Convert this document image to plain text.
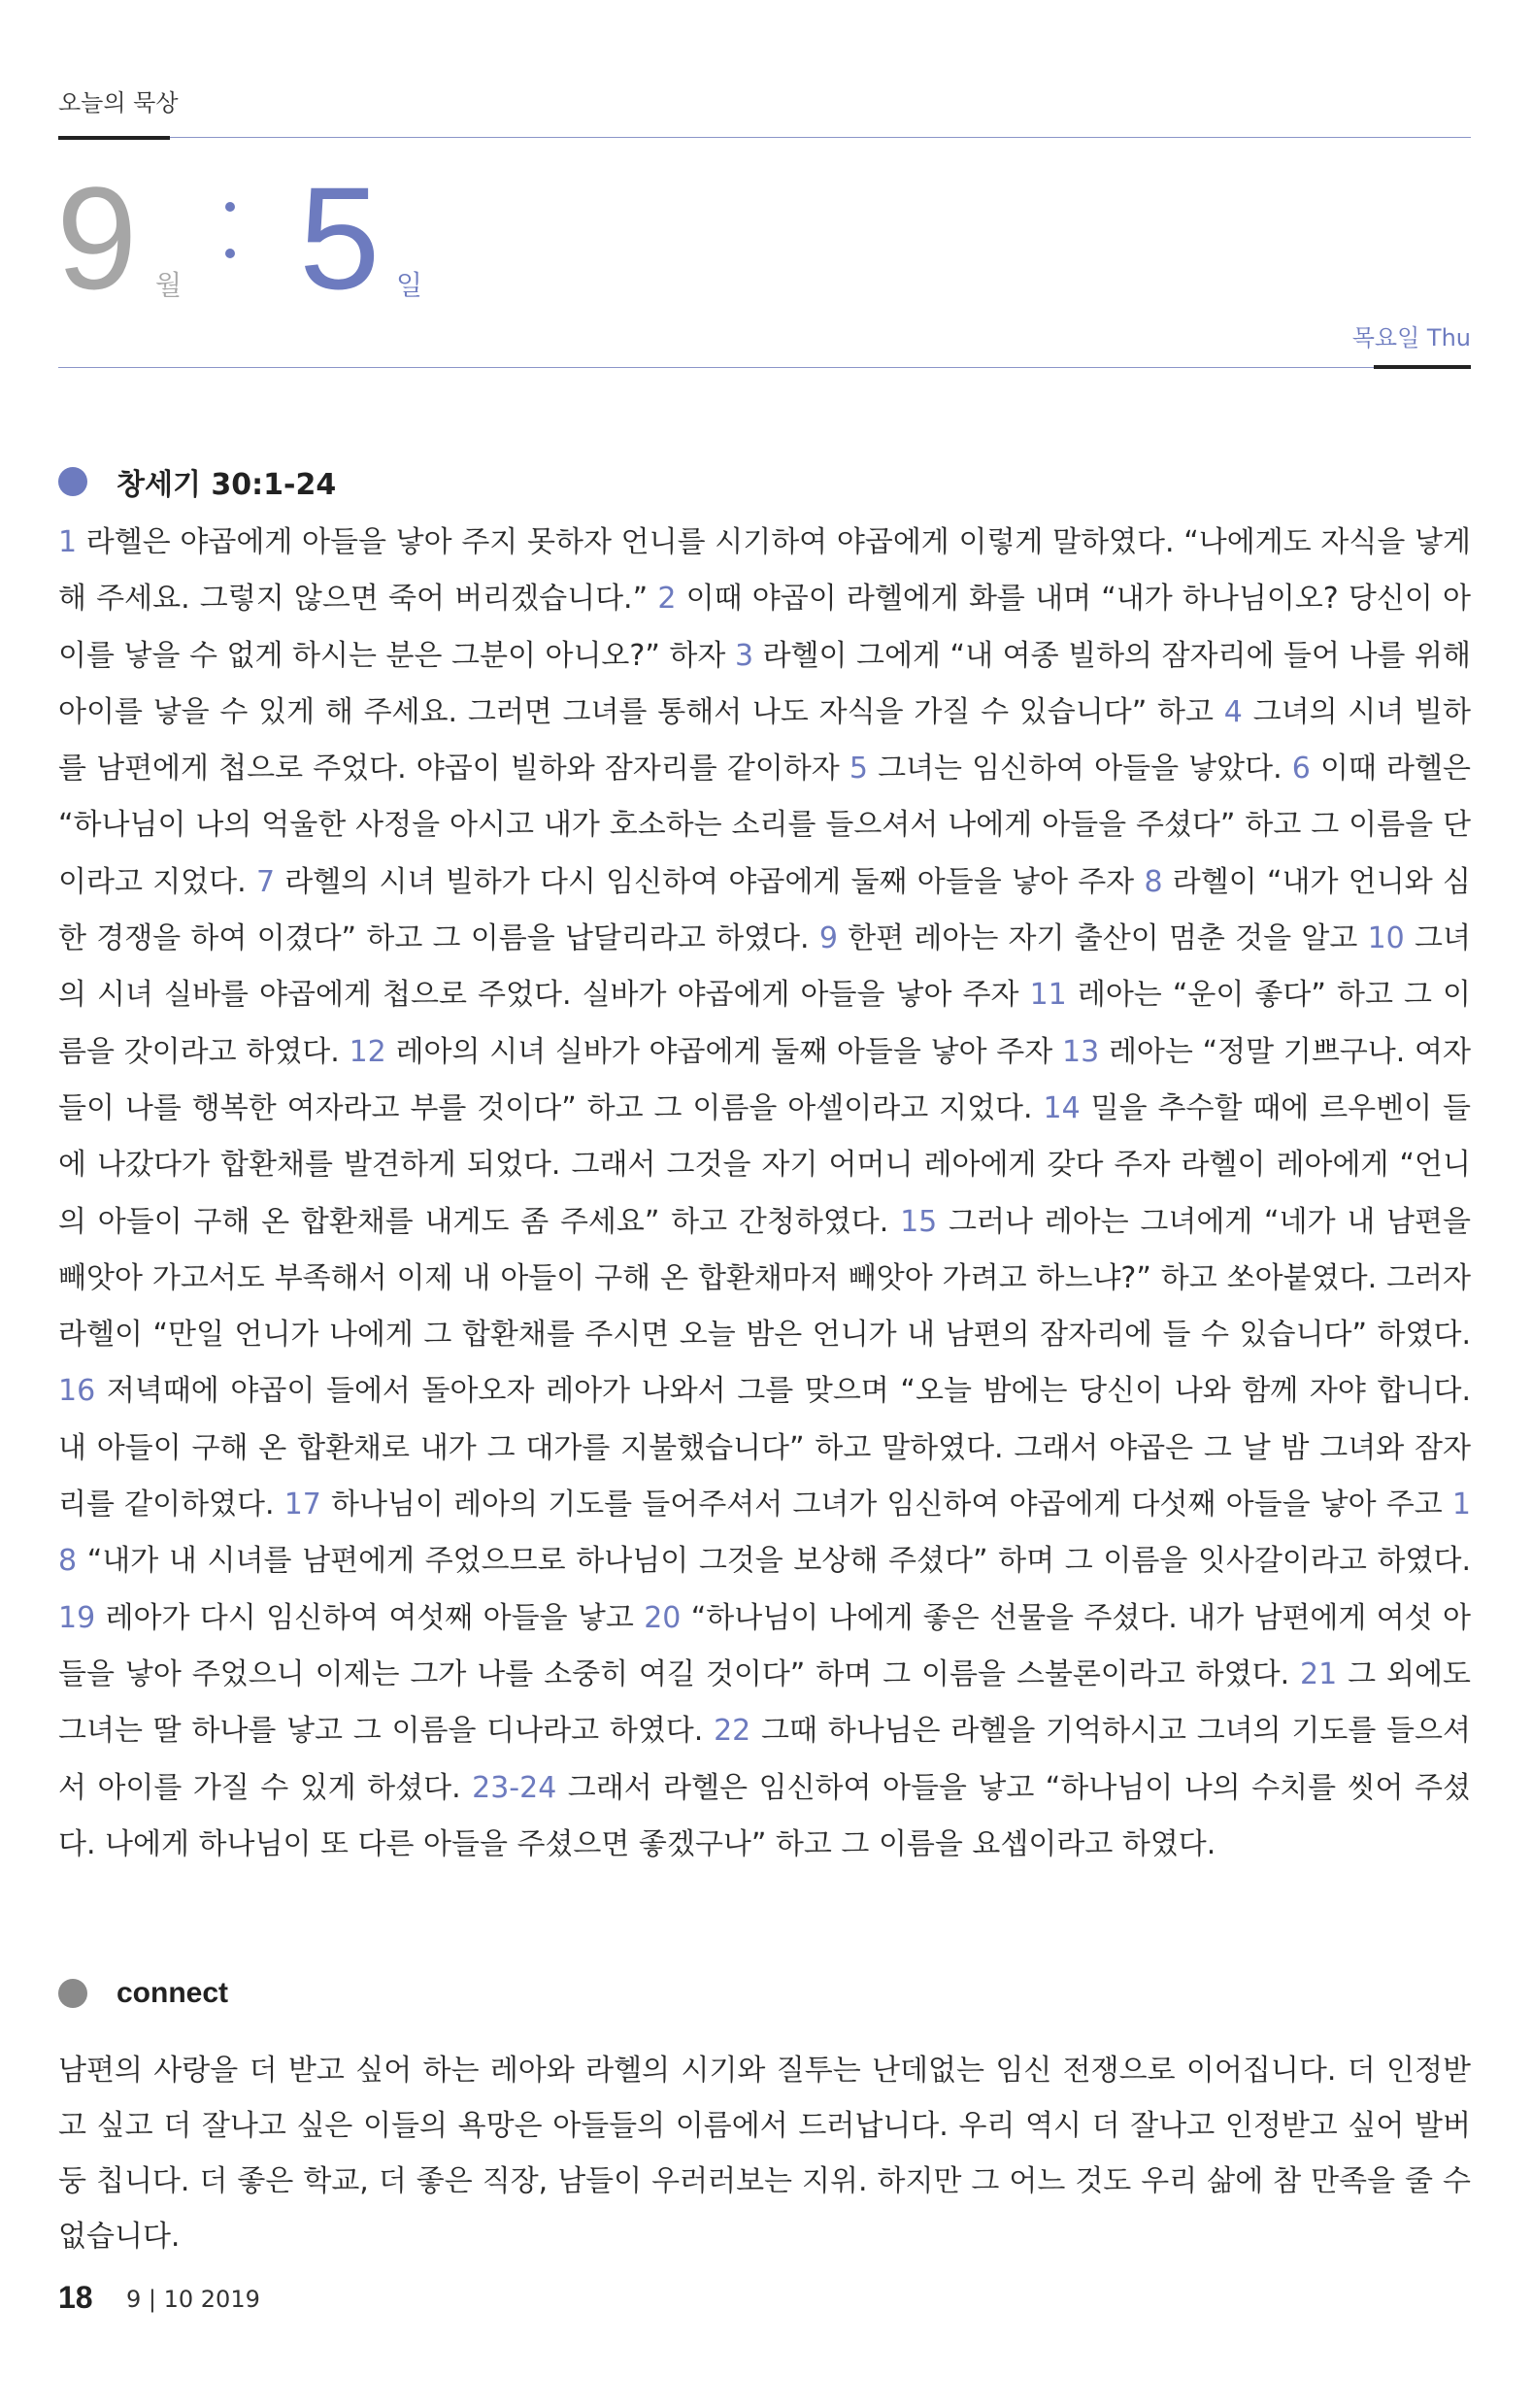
오늘의 묵상
9 월 5 일
목요일 Thu
창세기 30:1-24
1 라헬은 야곱에게 아들을 낳아 주지 못하자 언니를 시기하여 야곱에게 이렇게 말하였다. “나에게도 자식을 낳게 해 주세요. 그렇지 않으면 죽어 버리겠습니다.” 2 이때 야곱이 라헬에게 화를 내며 “내가 하나님이오? 당신이 아이를 낳을 수 없게 하시는 분은 그분이 아니오?” 하자 3 라헬이 그에게 “내 여종 빌하의 잠자리에 들어 나를 위해 아이를 낳을 수 있게 해 주세요. 그러면 그녀를 통해서 나도 자식을 가질 수 있습니다” 하고 4 그녀의 시녀 빌하를 남편에게 첩으로 주었다. 야곱이 빌하와 잠자리를 같이하자 5 그녀는 임신하여 아들을 낳았다. 6 이때 라헬은 “하나님이 나의 억울한 사정을 아시고 내가 호소하는 소리를 들으셔서 나에게 아들을 주셨다” 하고 그 이름을 단이라고 지었다. 7 라헬의 시녀 빌하가 다시 임신하여 야곱에게 둘째 아들을 낳아 주자 8 라헬이 “내가 언니와 심한 경쟁을 하여 이겼다” 하고 그 이름을 납달리라고 하였다. 9 한편 레아는 자기 출산이 멈춘 것을 알고 10 그녀의 시녀 실바를 야곱에게 첩으로 주었다. 실바가 야곱에게 아들을 낳아 주자 11 레아는 “운이 좋다” 하고 그 이름을 갓이라고 하였다. 12 레아의 시녀 실바가 야곱에게 둘째 아들을 낳아 주자 13 레아는 “정말 기쁘구나. 여자들이 나를 행복한 여자라고 부를 것이다” 하고 그 이름을 아셀이라고 지었다. 14 밀을 추수할 때에 르우벤이 들에 나갔다가 합환채를 발견하게 되었다. 그래서 그것을 자기 어머니 레아에게 갖다 주자 라헬이 레아에게 “언니의 아들이 구해 온 합환채를 내게도 좀 주세요” 하고 간청하였다. 15 그러나 레아는 그녀에게 “네가 내 남편을 빼앗아 가고서도 부족해서 이제 내 아들이 구해 온 합환채마저 빼앗아 가려고 하느냐?” 하고 쏘아붙였다. 그러자 라헬이 “만일 언니가 나에게 그 합환채를 주시면 오늘 밤은 언니가 내 남편의 잠자리에 들 수 있습니다” 하였다. 16 저녁때에 야곱이 들에서 돌아오자 레아가 나와서 그를 맞으며 “오늘 밤에는 당신이 나와 함께 자야 합니다. 내 아들이 구해 온 합환채로 내가 그 대가를 지불했습니다” 하고 말하였다. 그래서 야곱은 그 날 밤 그녀와 잠자리를 같이하였다. 17 하나님이 레아의 기도를 들어주셔서 그녀가 임신하여 야곱에게 다섯째 아들을 낳아 주고 18 “내가 내 시녀를 남편에게 주었으므로 하나님이 그것을 보상해 주셨다” 하며 그 이름을 잇사갈이라고 하였다. 19 레아가 다시 임신하여 여섯째 아들을 낳고 20 “하나님이 나에게 좋은 선물을 주셨다. 내가 남편에게 여섯 아들을 낳아 주었으니 이제는 그가 나를 소중히 여길 것이다” 하며 그 이름을 스불론이라고 하였다. 21 그 외에도 그녀는 딸 하나를 낳고 그 이름을 디나라고 하였다. 22 그때 하나님은 라헬을 기억하시고 그녀의 기도를 들으셔서 아이를 가질 수 있게 하셨다. 23-24 그래서 라헬은 임신하여 아들을 낳고 “하나님이 나의 수치를 씻어 주셨다. 나에게 하나님이 또 다른 아들을 주셨으면 좋겠구나” 하고 그 이름을 요셉이라고 하였다.
connect
남편의 사랑을 더 받고 싶어 하는 레아와 라헬의 시기와 질투는 난데없는 임신 전쟁으로 이어집니다. 더 인정받고 싶고 더 잘나고 싶은 이들의 욕망은 아들들의 이름에서 드러납니다. 우리 역시 더 잘나고 인정받고 싶어 발버둥 칩니다. 더 좋은 학교, 더 좋은 직장, 남들이 우러러보는 지위. 하지만 그 어느 것도 우리 삶에 참 만족을 줄 수 없습니다.
18 9 | 10 2019
